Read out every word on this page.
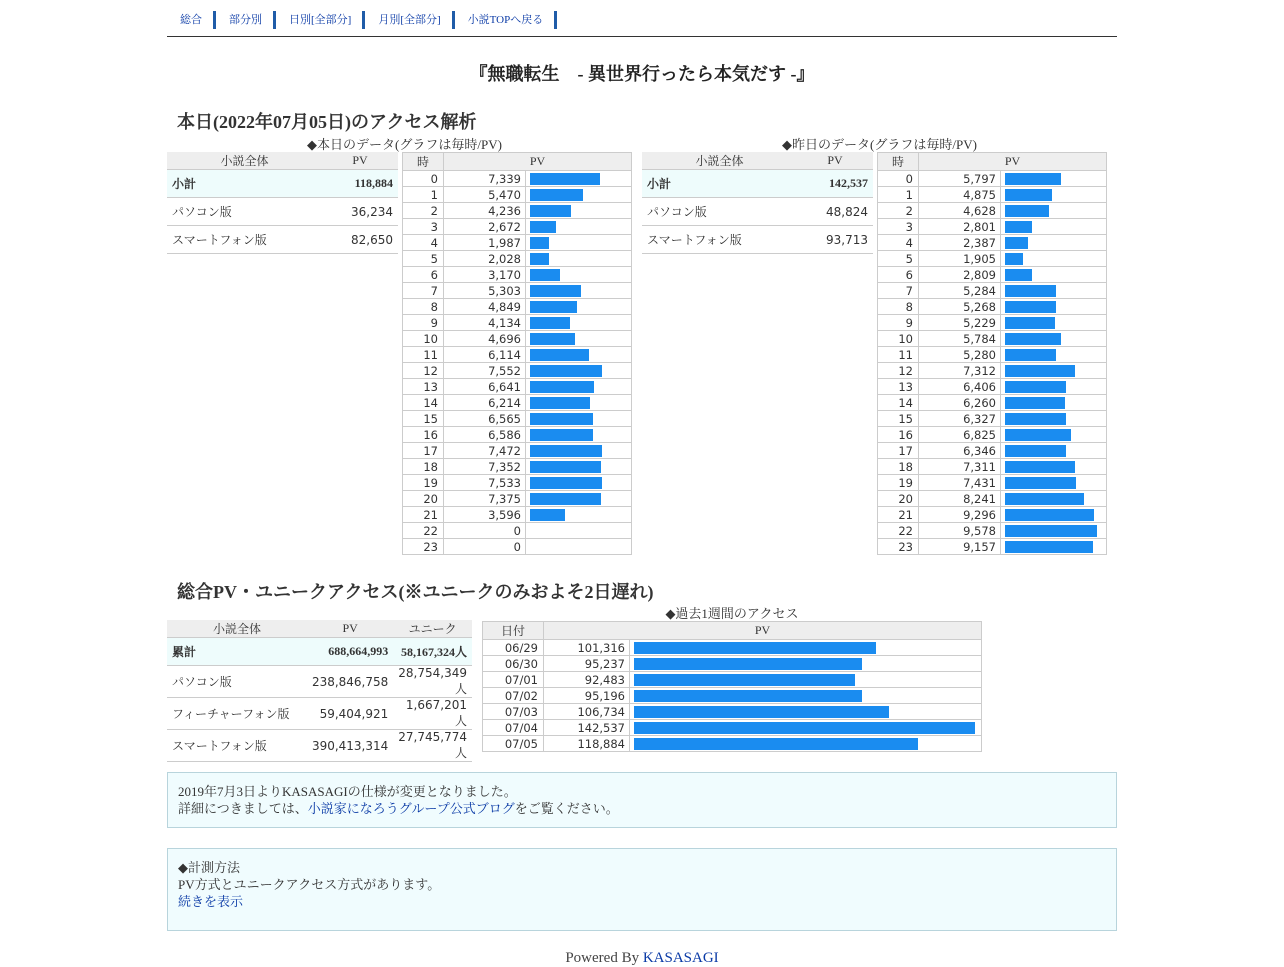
総合	部分別	日別[全部分]	月別[全部分]	小説TOPへ戻る
『無職転生　- 異世界行ったら本気だす -』
本日(2022年07月05日)のアクセス解析
◆本日のデータ(グラフは毎時/PV)
小説全体	PV
小計	118,884
パソコン版	36,234
スマートフォン版	82,650
時	PV	
0	7,339	

1	5,470	

2	4,236	

3	2,672	

4	1,987	

5	2,028	

6	3,170	

7	5,303	

8	4,849	

9	4,134	

10	4,696	

11	6,114	

12	7,552	

13	6,641	

14	6,214	

15	6,565	

16	6,586	

17	7,472	

18	7,352	

19	7,533	

20	7,375	

21	3,596	

22	0	
23	0	
◆昨日のデータ(グラフは毎時/PV)
小説全体	PV
小計	142,537
パソコン版	48,824
スマートフォン版	93,713
時	PV	
0	5,797	

1	4,875	

2	4,628	

3	2,801	

4	2,387	

5	1,905	

6	2,809	

7	5,284	

8	5,268	

9	5,229	

10	5,784	

11	5,280	

12	7,312	

13	6,406	

14	6,260	

15	6,327	

16	6,825	

17	6,346	

18	7,311	

19	7,431	

20	8,241	

21	9,296	

22	9,578	

23	9,157	
総合PV・ユニークアクセス(※ユニークのみおよそ2日遅れ)
小説全体	PV	ユニーク
累計	688,664,993	58,167,324人
パソコン版	238,846,758	28,754,349人
フィーチャーフォン版	59,404,921	1,667,201人
スマートフォン版	390,413,314	27,745,774人
◆過去1週間のアクセス
日付	PV	
06/29	101,316	

06/30	95,237	

07/01	92,483	

07/02	95,196	

07/03	106,734	

07/04	142,537	

07/05	118,884	
2019年7月3日よりKASASAGIの仕様が変更となりました。
詳細につきましては、小説家になろうグループ公式ブログをご覧ください。
◆計測方法
PV方式とユニークアクセス方式があります。
続きを表示
Powered By KASASAGI
